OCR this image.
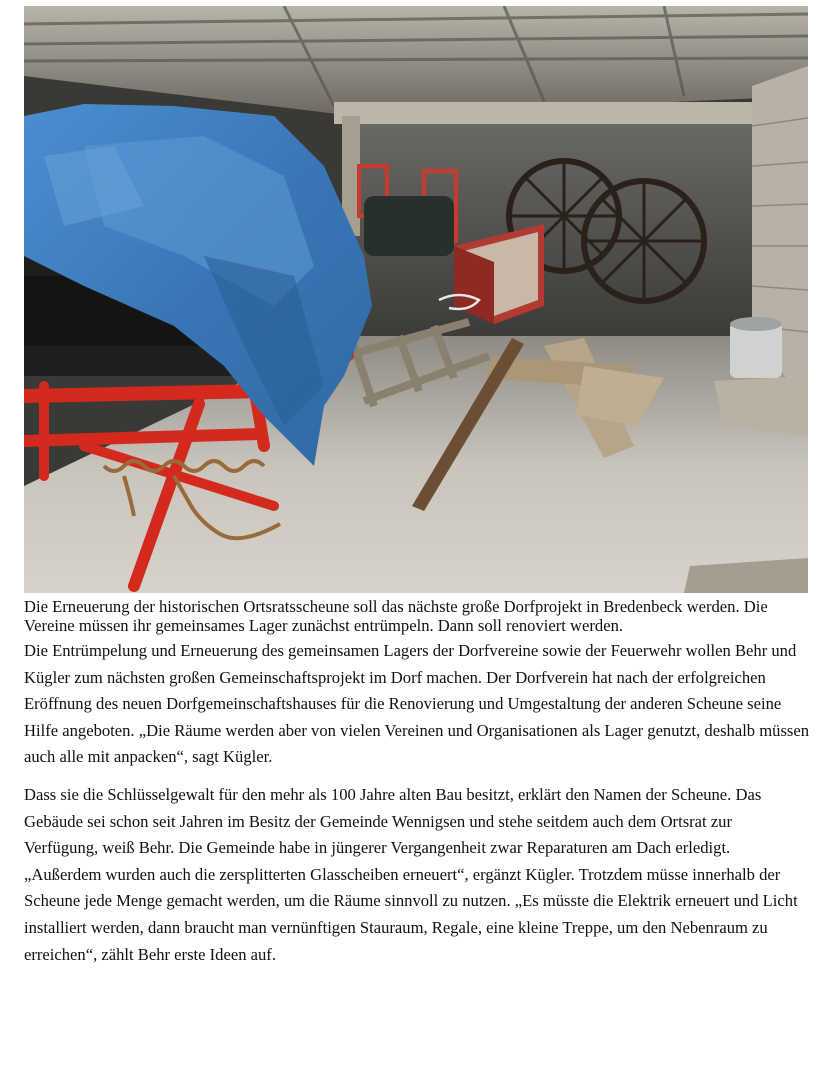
Die Erneuerung der historischen Ortsratsscheune soll das nächste große Dorfprojekt in Bredenbeck werden. Die Vereine müssen ihr gemeinsames Lager zunächst entrümpeln. Dann soll renoviert werden.

Die Entrümpelung und Erneuerung des gemeinsamen Lagers der Dorfvereine sowie der Feuerwehr wollen Behr und Kügler zum nächsten großen Gemeinschaftsprojekt im Dorf machen. Der Dorfverein hat nach der erfolgreichen Eröffnung des neuen Dorfgemeinschaftshauses für die Renovierung und Umgestaltung der anderen Scheune seine Hilfe angeboten. „Die Räume werden aber von vielen Vereinen und Organisationen als Lager genutzt, deshalb müssen auch alle mit anpacken“, sagt Kügler.

Dass sie die Schlüsselgewalt für den mehr als 100 Jahre alten Bau besitzt, erklärt den Namen der Scheune. Das Gebäude sei schon seit Jahren im Besitz der Gemeinde Wennigsen und stehe seitdem auch dem Ortsrat zur Verfügung, weiß Behr. Die Gemeinde habe in jüngerer Vergangenheit zwar Reparaturen am Dach erledigt. „Außerdem wurden auch die zersplitterten Glasscheiben erneuert“, ergänzt Kügler. Trotzdem müsse innerhalb der Scheune jede Menge gemacht werden, um die Räume sinnvoll zu nutzen. „Es müsste die Elektrik erneuert und Licht installiert werden, dann braucht man vernünftigen Stauraum, Regale, eine kleine Treppe, um den Nebenraum zu erreichen“, zählt Behr erste Ideen auf.
